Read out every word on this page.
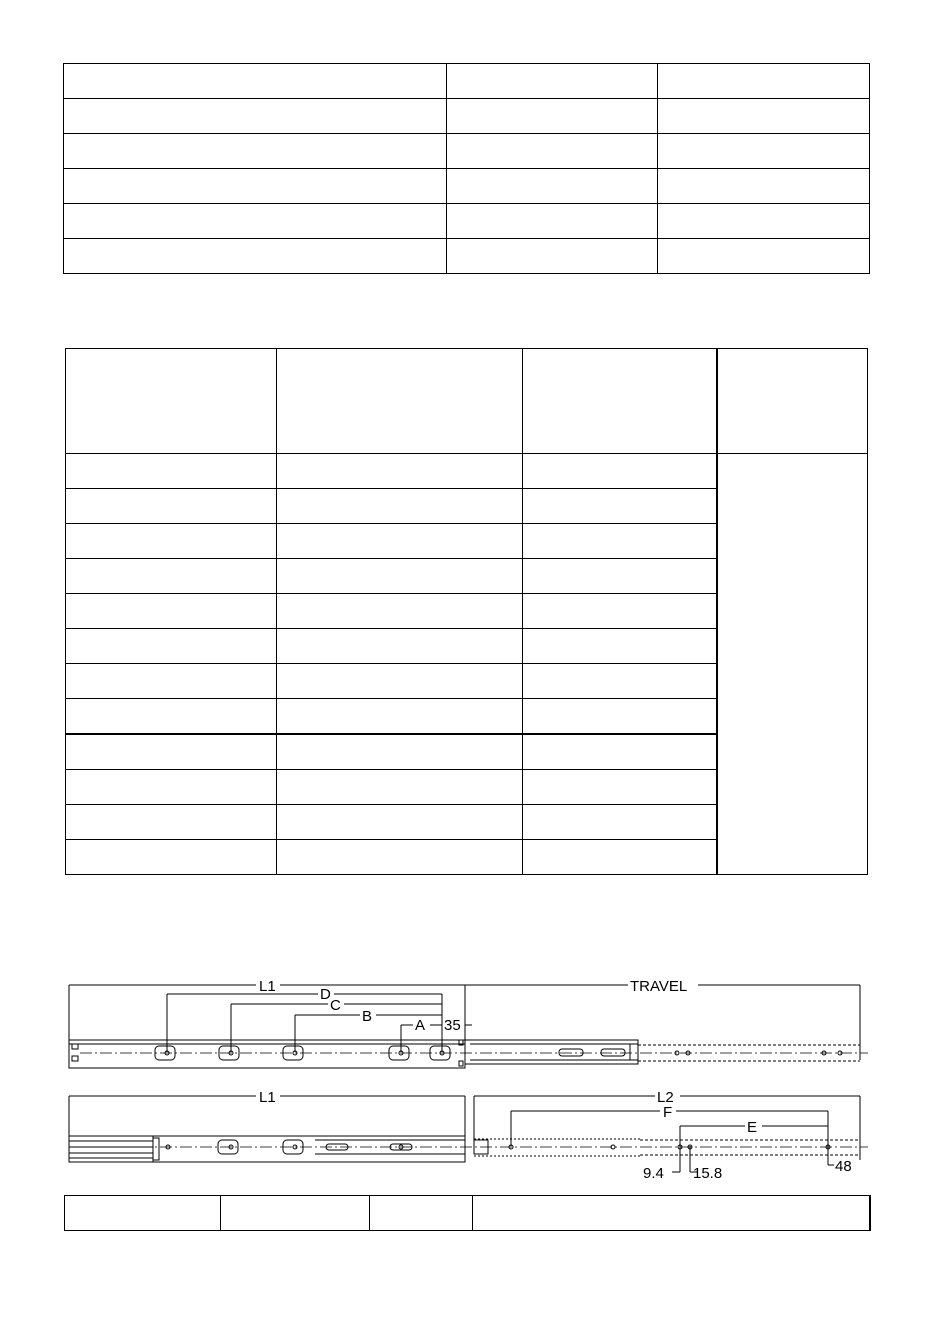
L1	D
C
B
A 35
TRAVEL
L1	L2
F
E
9.4 15.8	48
